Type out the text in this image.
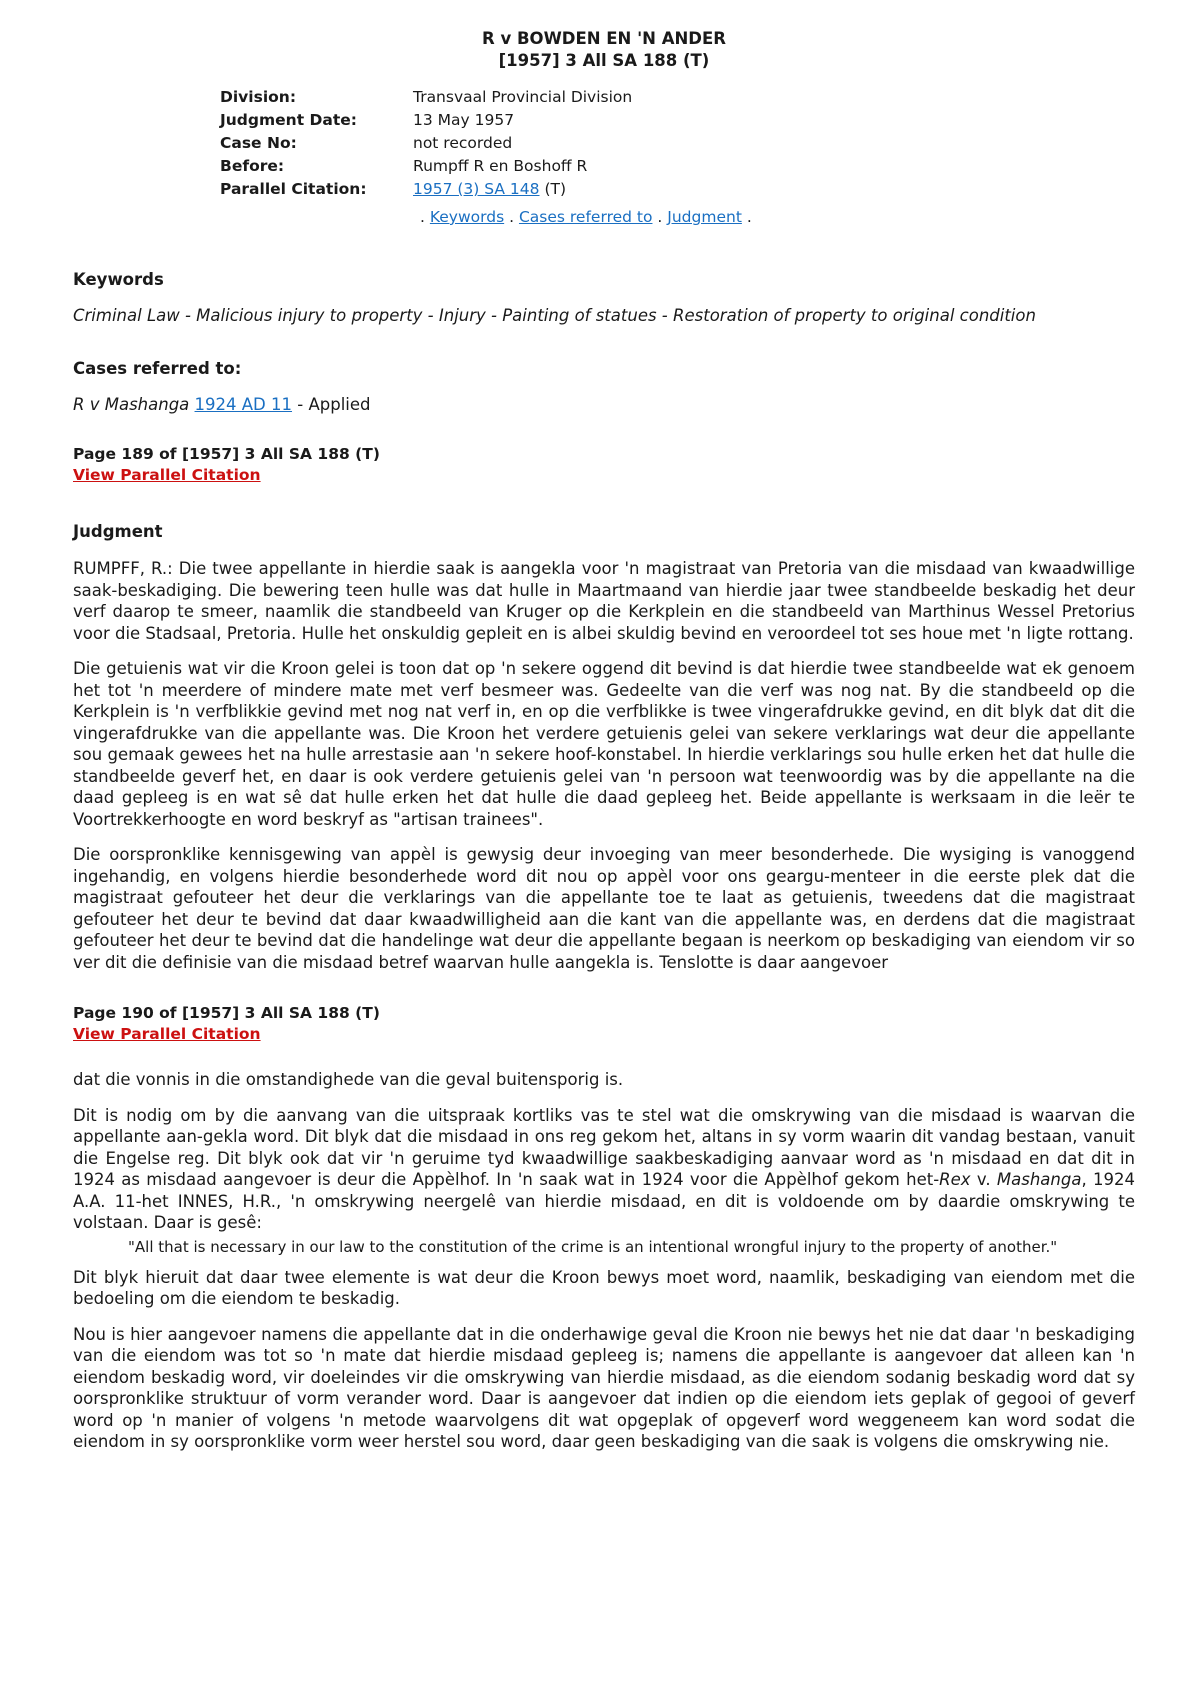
R v BOWDEN EN 'N ANDER
[1957] 3 All SA 188 (T)
Division:	Transvaal Provincial Division
Judgment Date:	13 May 1957
Case No:	not recorded
Before:	Rumpff R en Boshoff R
Parallel Citation:	1957 (3) SA 148 (T)
. Keywords . Cases referred to . Judgment .
Keywords
Criminal Law - Malicious injury to property - Injury - Painting of statues - Restoration of property to original condition
Cases referred to:
R v Mashanga 1924 AD 11 - Applied
Page 189 of [1957] 3 All SA 188 (T)
View Parallel Citation
Judgment

RUMPFF, R.: Die twee appellante in hierdie saak is aangekla voor 'n magistraat van Pretoria van die misdaad van kwaadwillige saak-beskadiging. Die bewering teen hulle was dat hulle in Maartmaand van hierdie jaar twee standbeelde beskadig het deur verf daarop te smeer, naamlik die standbeeld van Kruger op die Kerkplein en die standbeeld van Marthinus Wessel Pretorius voor die Stadsaal, Pretoria. Hulle het onskuldig gepleit en is albei skuldig bevind en veroordeel tot ses houe met 'n ligte rottang.

Die getuienis wat vir die Kroon gelei is toon dat op 'n sekere oggend dit bevind is dat hierdie twee standbeelde wat ek genoem het tot 'n meerdere of mindere mate met verf besmeer was. Gedeelte van die verf was nog nat. By die standbeeld op die Kerkplein is 'n verfblikkie gevind met nog nat verf in, en op die verfblikke is twee vingerafdrukke gevind, en dit blyk dat dit die vingerafdrukke van die appellante was. Die Kroon het verdere getuienis gelei van sekere verklarings wat deur die appellante sou gemaak gewees het na hulle arrestasie aan 'n sekere hoof-konstabel. In hierdie verklarings sou hulle erken het dat hulle die standbeelde geverf het, en daar is ook verdere getuienis gelei van 'n persoon wat teenwoordig was by die appellante na die daad gepleeg is en wat sê dat hulle erken het dat hulle die daad gepleeg het. Beide appellante is werksaam in die leër te Voortrekkerhoogte en word beskryf as "artisan trainees".

Die oorspronklike kennisgewing van appèl is gewysig deur invoeging van meer besonderhede. Die wysiging is vanoggend ingehandig, en volgens hierdie besonderhede word dit nou op appèl voor ons geargu-menteer in die eerste plek dat die magistraat gefouteer het deur die verklarings van die appellante toe te laat as getuienis, tweedens dat die magistraat gefouteer het deur te bevind dat daar kwaadwilligheid aan die kant van die appellante was, en derdens dat die magistraat gefouteer het deur te bevind dat die handelinge wat deur die appellante begaan is neerkom op beskadiging van eiendom vir so ver dit die definisie van die misdaad betref waarvan hulle aangekla is. Tenslotte is daar aangevoer

Page 190 of [1957] 3 All SA 188 (T)
View Parallel Citation

dat die vonnis in die omstandighede van die geval buitensporig is.

Dit is nodig om by die aanvang van die uitspraak kortliks vas te stel wat die omskrywing van die misdaad is waarvan die appellante aan-gekla word. Dit blyk dat die misdaad in ons reg gekom het, altans in sy vorm waarin dit vandag bestaan, vanuit die Engelse reg. Dit blyk ook dat vir 'n geruime tyd kwaadwillige saakbeskadiging aanvaar word as 'n misdaad en dat dit in 1924 as misdaad aangevoer is deur die Appèlhof. In 'n saak wat in 1924 voor die Appèlhof gekom het-Rex v. Mashanga, 1924 A.A. 11-het INNES, H.R., 'n omskrywing neergelê van hierdie misdaad, en dit is voldoende om by daardie omskrywing te volstaan. Daar is gesê:

"All that is necessary in our law to the constitution of the crime is an intentional wrongful injury to the property of another."

Dit blyk hieruit dat daar twee elemente is wat deur die Kroon bewys moet word, naamlik, beskadiging van eiendom met die bedoeling om die eiendom te beskadig.

Nou is hier aangevoer namens die appellante dat in die onderhawige geval die Kroon nie bewys het nie dat daar 'n beskadiging van die eiendom was tot so 'n mate dat hierdie misdaad gepleeg is; namens die appellante is aangevoer dat alleen kan 'n eiendom beskadig word, vir doeleindes vir die omskrywing van hierdie misdaad, as die eiendom sodanig beskadig word dat sy oorspronklike struktuur of vorm verander word. Daar is aangevoer dat indien op die eiendom iets geplak of gegooi of geverf word op 'n manier of volgens 'n metode waarvolgens dit wat opgeplak of opgeverf word weggeneem kan word sodat die eiendom in sy oorspronklike vorm weer herstel sou word, daar geen beskadiging van die saak is volgens die omskrywing nie.
